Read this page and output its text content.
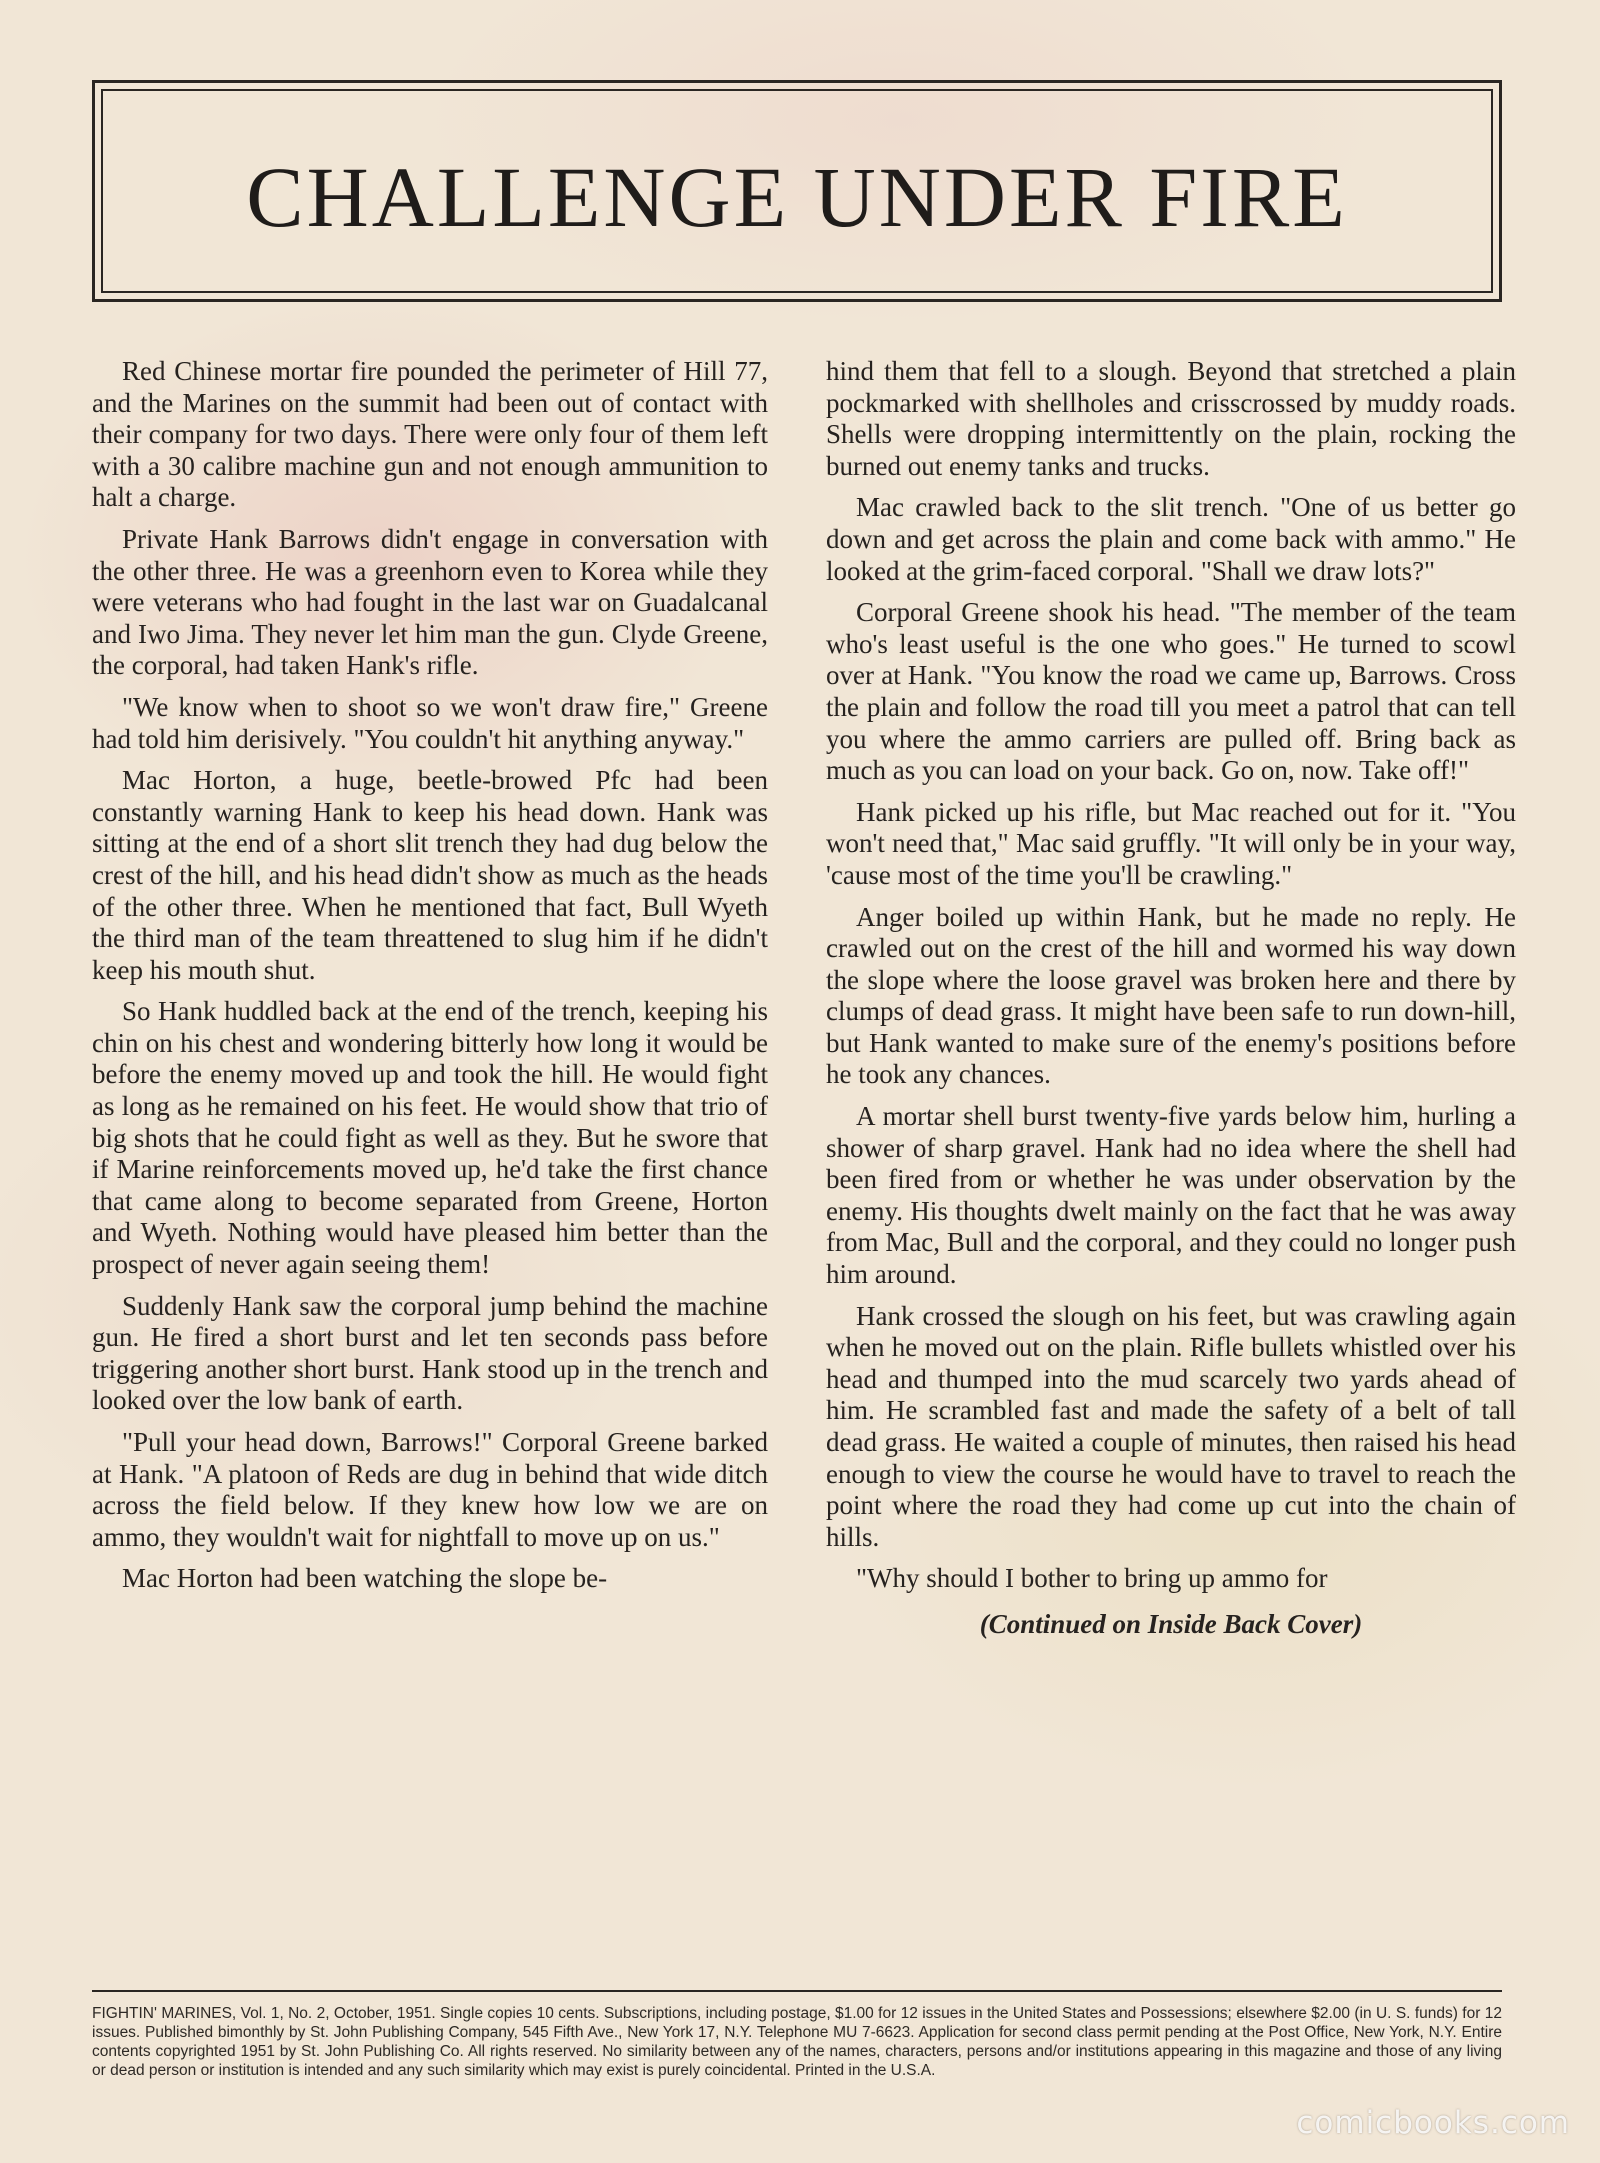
CHALLENGE UNDER FIRE

Red Chinese mortar fire pounded the perimeter of Hill 77, and the Marines on the summit had been out of contact with their company for two days. There were only four of them left with a 30 calibre machine gun and not enough ammunition to halt a charge.

Private Hank Barrows didn't engage in conversation with the other three. He was a greenhorn even to Korea while they were veterans who had fought in the last war on Guadalcanal and Iwo Jima. They never let him man the gun. Clyde Greene, the corporal, had taken Hank's rifle.

"We know when to shoot so we won't draw fire," Greene had told him derisively. "You couldn't hit anything anyway."

Mac Horton, a huge, beetle-browed Pfc had been constantly warning Hank to keep his head down. Hank was sitting at the end of a short slit trench they had dug below the crest of the hill, and his head didn't show as much as the heads of the other three. When he mentioned that fact, Bull Wyeth the third man of the team threattened to slug him if he didn't keep his mouth shut.

So Hank huddled back at the end of the trench, keeping his chin on his chest and wondering bitterly how long it would be before the enemy moved up and took the hill. He would fight as long as he remained on his feet. He would show that trio of big shots that he could fight as well as they. But he swore that if Marine reinforcements moved up, he'd take the first chance that came along to become separated from Greene, Horton and Wyeth. Nothing would have pleased him better than the prospect of never again seeing them!

Suddenly Hank saw the corporal jump behind the machine gun. He fired a short burst and let ten seconds pass before triggering another short burst. Hank stood up in the trench and looked over the low bank of earth.

"Pull your head down, Barrows!" Corporal Greene barked at Hank. "A platoon of Reds are dug in behind that wide ditch across the field below. If they knew how low we are on ammo, they wouldn't wait for nightfall to move up on us."

Mac Horton had been watching the slope be-

hind them that fell to a slough. Beyond that stretched a plain pockmarked with shellholes and crisscrossed by muddy roads. Shells were dropping intermittently on the plain, rocking the burned out enemy tanks and trucks.

Mac crawled back to the slit trench. "One of us better go down and get across the plain and come back with ammo." He looked at the grim-faced corporal. "Shall we draw lots?"

Corporal Greene shook his head. "The member of the team who's least useful is the one who goes." He turned to scowl over at Hank. "You know the road we came up, Barrows. Cross the plain and follow the road till you meet a patrol that can tell you where the ammo carriers are pulled off. Bring back as much as you can load on your back. Go on, now. Take off!"

Hank picked up his rifle, but Mac reached out for it. "You won't need that," Mac said gruffly. "It will only be in your way, 'cause most of the time you'll be crawling."

Anger boiled up within Hank, but he made no reply. He crawled out on the crest of the hill and wormed his way down the slope where the loose gravel was broken here and there by clumps of dead grass. It might have been safe to run down-hill, but Hank wanted to make sure of the enemy's positions before he took any chances.

A mortar shell burst twenty-five yards below him, hurling a shower of sharp gravel. Hank had no idea where the shell had been fired from or whether he was under observation by the enemy. His thoughts dwelt mainly on the fact that he was away from Mac, Bull and the corporal, and they could no longer push him around.

Hank crossed the slough on his feet, but was crawling again when he moved out on the plain. Rifle bullets whistled over his head and thumped into the mud scarcely two yards ahead of him. He scrambled fast and made the safety of a belt of tall dead grass. He waited a couple of minutes, then raised his head enough to view the course he would have to travel to reach the point where the road they had come up cut into the chain of hills.

"Why should I bother to bring up ammo for

(Continued on Inside Back Cover)
FIGHTIN' MARINES, Vol. 1, No. 2, October, 1951. Single copies 10 cents. Subscriptions, including postage, $1.00 for 12 issues in the United States and Possessions; elsewhere $2.00 (in U. S. funds) for 12 issues. Published bimonthly by St. John Publishing Company, 545 Fifth Ave., New York 17, N.Y. Telephone MU 7-6623. Application for second class permit pending at the Post Office, New York, N.Y. Entire contents copyrighted 1951 by St. John Publishing Co. All rights reserved. No similarity between any of the names, characters, persons and/or institutions appearing in this magazine and those of any living or dead person or institution is intended and any such similarity which may exist is purely coincidental. Printed in the U.S.A.
comicbooks.com
